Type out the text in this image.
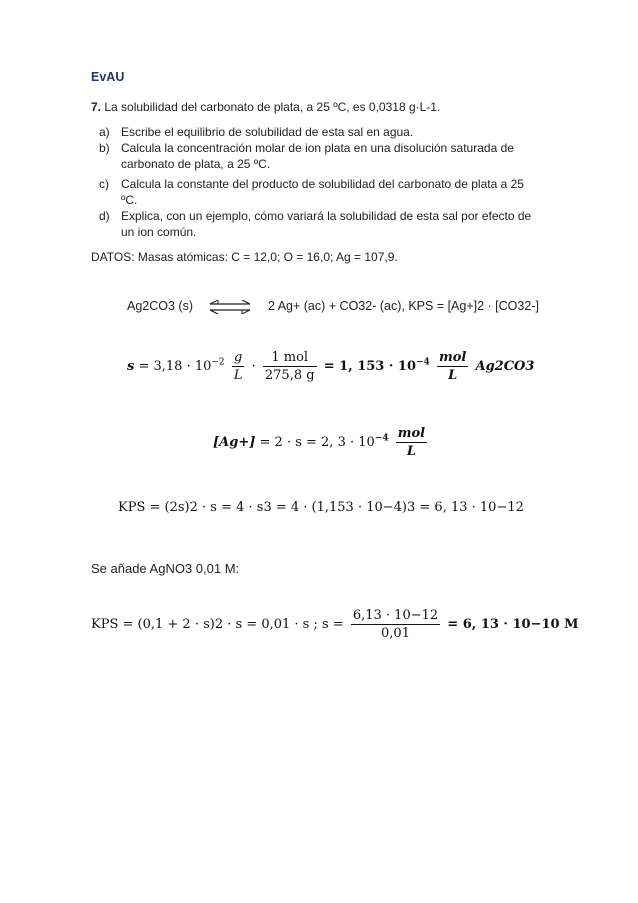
EvAU
7. La solubilidad del carbonato de plata, a 25 ºC, es 0,0318 g·L-1.
a) Escribe el equilibrio de solubilidad de esta sal en agua.
b) Calcula la concentración molar de ion plata en una disolución saturada de
carbonato de plata, a 25 ºC.
c) Calcula la constante del producto de solubilidad del carbonato de plata a 25
ºC.
d) Explica, con un ejemplo, cómo variará la solubilidad de esta sal por efecto de
un ion común.
DATOS: Masas atómicas: C = 12,0; O = 16,0; Ag = 107,9.
Ag2CO3 (s) ⇌ 2 Ag+ (ac) + CO32- (ac), KPS = [Ag+]2 · [CO32-]
$s = 3,18 \cdot 10^{-2} \frac{g}{L} \cdot \frac{\text{1 mol}}{275,8 g} = 1$, $153 \cdot 10^{-4} \frac{\text{mol}}{L} Ag2CO3$
[Ag+] = 2 · s = 2, $3 \cdot 10^{-4} \frac{\text{mol}}{L}$
KPS = (2s)2 · s = 4 · s3 = 4 · (1,153 · 10−4)3 = 6, 13 · 10−12
Se añade AgNO3 0,01 M:
KPS = (0,1 + 2 · s)2 · s = 0,01 · s ; $s = \frac{6,13 \cdot 10-12}{0,01} = 6$, 13 · 10−10 M
